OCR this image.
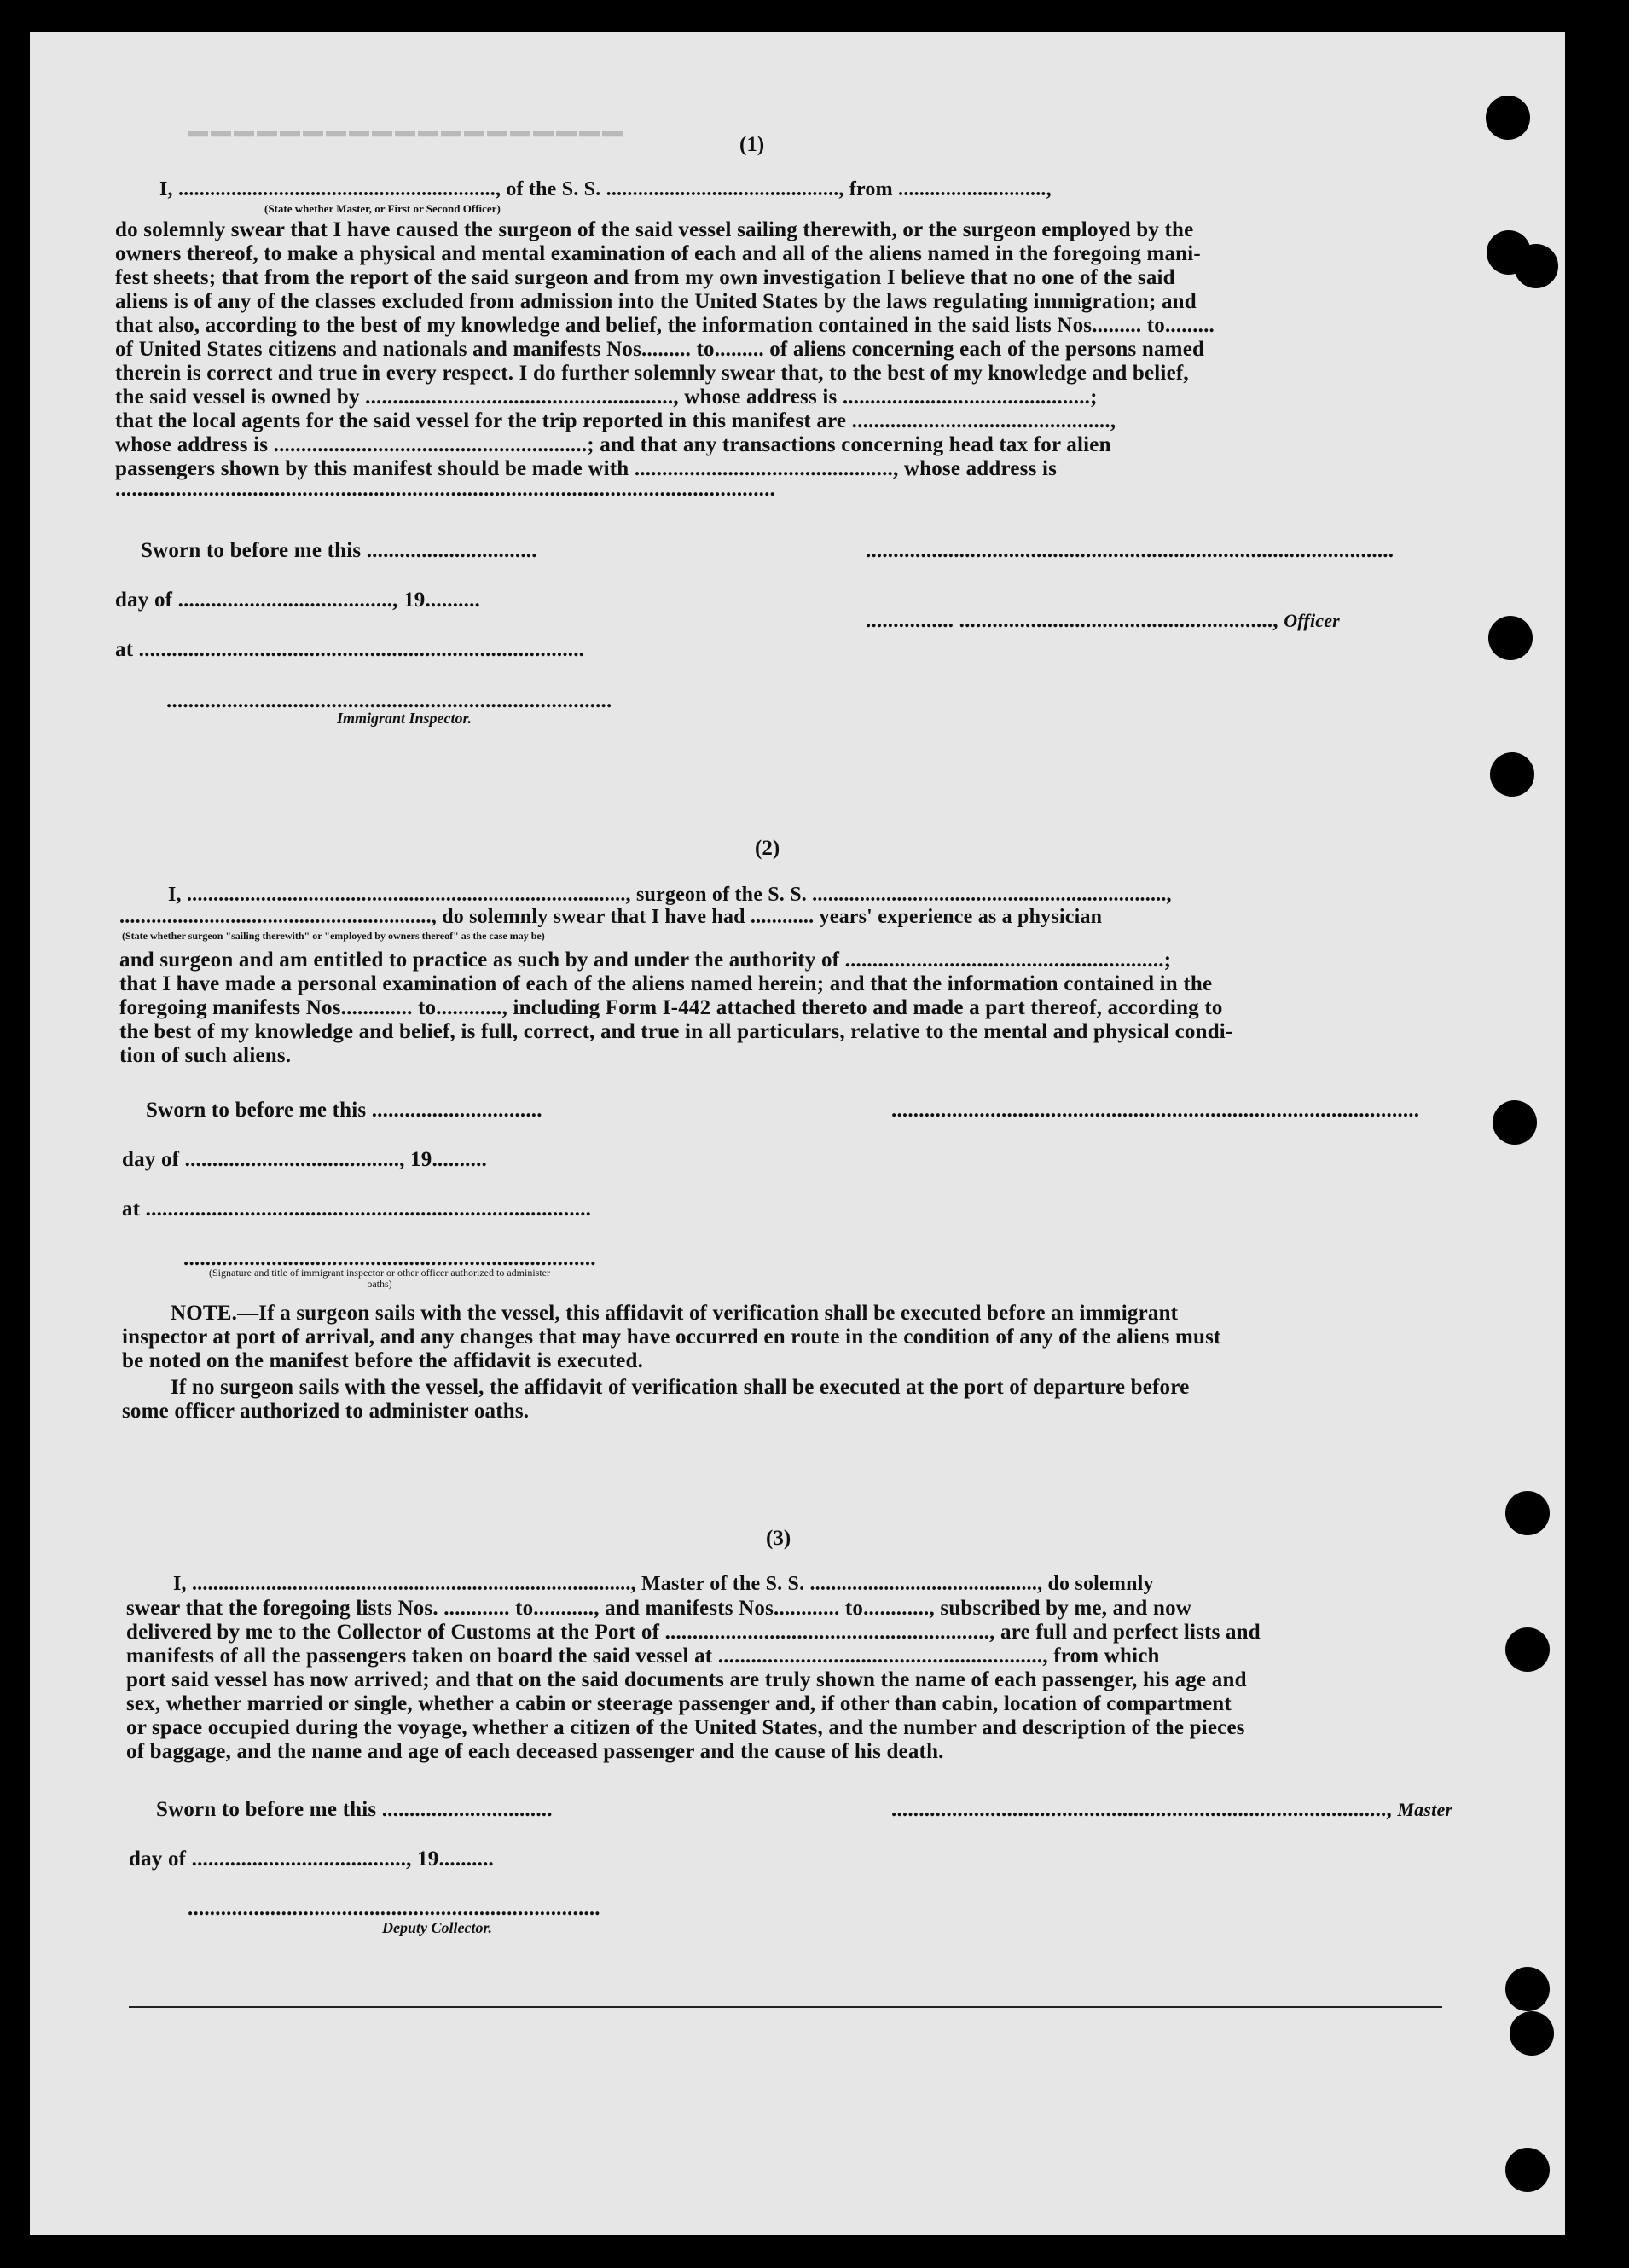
▬▬▬▬▬▬▬▬▬▬▬▬▬▬▬▬▬▬▬	(1)
I, ............................................................, of the S. S. ............................................, from ............................,
(State whether Master, or First or Second Officer)
do solemnly swear that I have caused the surgeon of the said vessel sailing therewith, or the surgeon employed by the
owners thereof, to make a physical and mental examination of each and all of the aliens named in the foregoing mani-
fest sheets; that from the report of the said surgeon and from my own investigation I believe that no one of the said
aliens is of any of the classes excluded from admission into the United States by the laws regulating immigration; and
that also, according to the best of my knowledge and belief, the information contained in the said lists Nos......... to.........
of United States citizens and nationals and manifests Nos......... to......... of aliens concerning each of the persons named
therein is correct and true in every respect. I do further solemnly swear that, to the best of my knowledge and belief,
the said vessel is owned by ........................................................, whose address is .............................................;
that the local agents for the said vessel for the trip reported in this manifest are ...............................................,
whose address is .........................................................; and that any transactions concerning head tax for alien
passengers shown by this manifest should be made with ..............................................., whose address is
........................................................................................................................
Sworn to before me this ...............................
day of ......................................., 19..........
at .................................................................................
................................................................................................
................ ........................................................., Officer
.................................................................................
Immigrant Inspector.
(2)
I, ..................................................................................., surgeon of the S. S. ...................................................................,
..........................................................., do solemnly swear that I have had ............ years' experience as a physician
(State whether surgeon "sailing therewith" or "employed by owners thereof" as the case may be)
and surgeon and am entitled to practice as such by and under the authority of ..........................................................;
that I have made a personal examination of each of the aliens named herein; and that the information contained in the
foregoing manifests Nos............. to............, including Form I-442 attached thereto and made a part thereof, according to
the best of my knowledge and belief, is full, correct, and true in all particulars, relative to the mental and physical condi-
tion of such aliens.
Sworn to before me this ...............................
day of ......................................., 19..........
at .................................................................................
................................................................................................
...........................................................................
(Signature and title of immigrant inspector or other officer authorized to administer oaths)
NOTE.—If a surgeon sails with the vessel, this affidavit of verification shall be executed before an immigrant
inspector at port of arrival, and any changes that may have occurred en route in the condition of any of the aliens must
be noted on the manifest before the affidavit is executed.
If no surgeon sails with the vessel, the affidavit of verification shall be executed at the port of departure before
some officer authorized to administer oaths.
(3)
I, ..................................................................................., Master of the S. S. ..........................................., do solemnly
swear that the foregoing lists Nos. ............ to..........., and manifests Nos............ to............, subscribed by me, and now
delivered by me to the Collector of Customs at the Port of ..........................................................., are full and perfect lists and
manifests of all the passengers taken on board the said vessel at ..........................................................., from which
port said vessel has now arrived; and that on the said documents are truly shown the name of each passenger, his age and
sex, whether married or single, whether a cabin or steerage passenger and, if other than cabin, location of compartment
or space occupied during the voyage, whether a citizen of the United States, and the number and description of the pieces
of baggage, and the name and age of each deceased passenger and the cause of his death.
Sworn to before me this ...............................
day of ......................................., 19..........
.........................................................................................., Master
...........................................................................
Deputy Collector.
